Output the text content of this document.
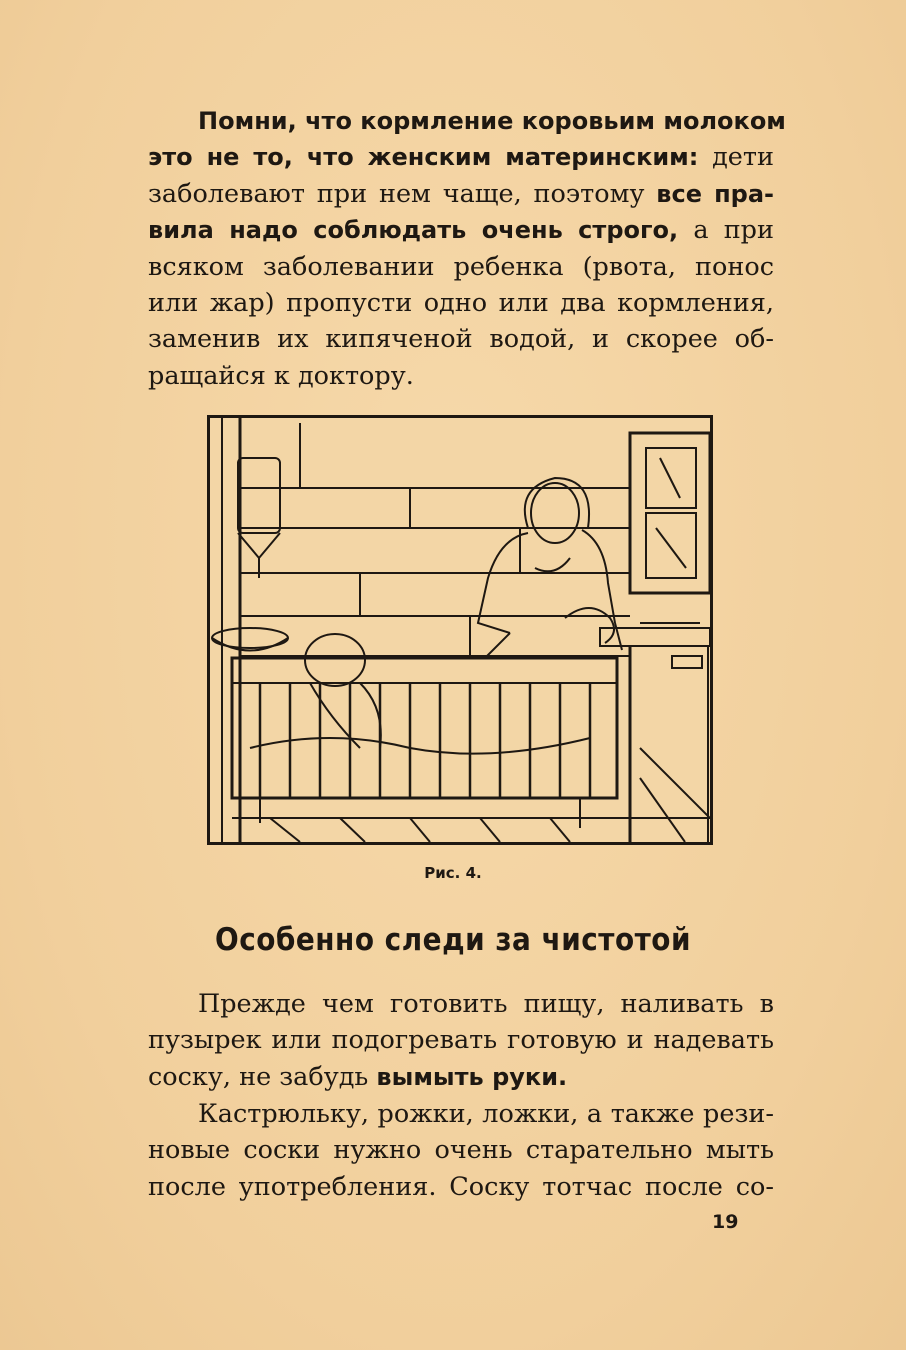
Помни, что кормление коровьим молоком
это не то, что женским материнским: дети
заболевают при нем чаще, поэтому все пра-
вила надо соблюдать очень строго, а при
всяком заболевании ребенка (рвота, понос
или жар) пропусти одно или два кормления,
заменив их кипяченой водой, и скорее об-
ращайся к доктору.
Рис. 4.
Особенно следи за чистотой
Прежде чем готовить пищу, наливать в
пузырек или подогревать готовую и надевать
соску, не забудь вымыть руки.
Кастрюльку, рожки, ложки, а также рези-
новые соски нужно очень старательно мыть
после употребления. Соску тотчас после со-
19
